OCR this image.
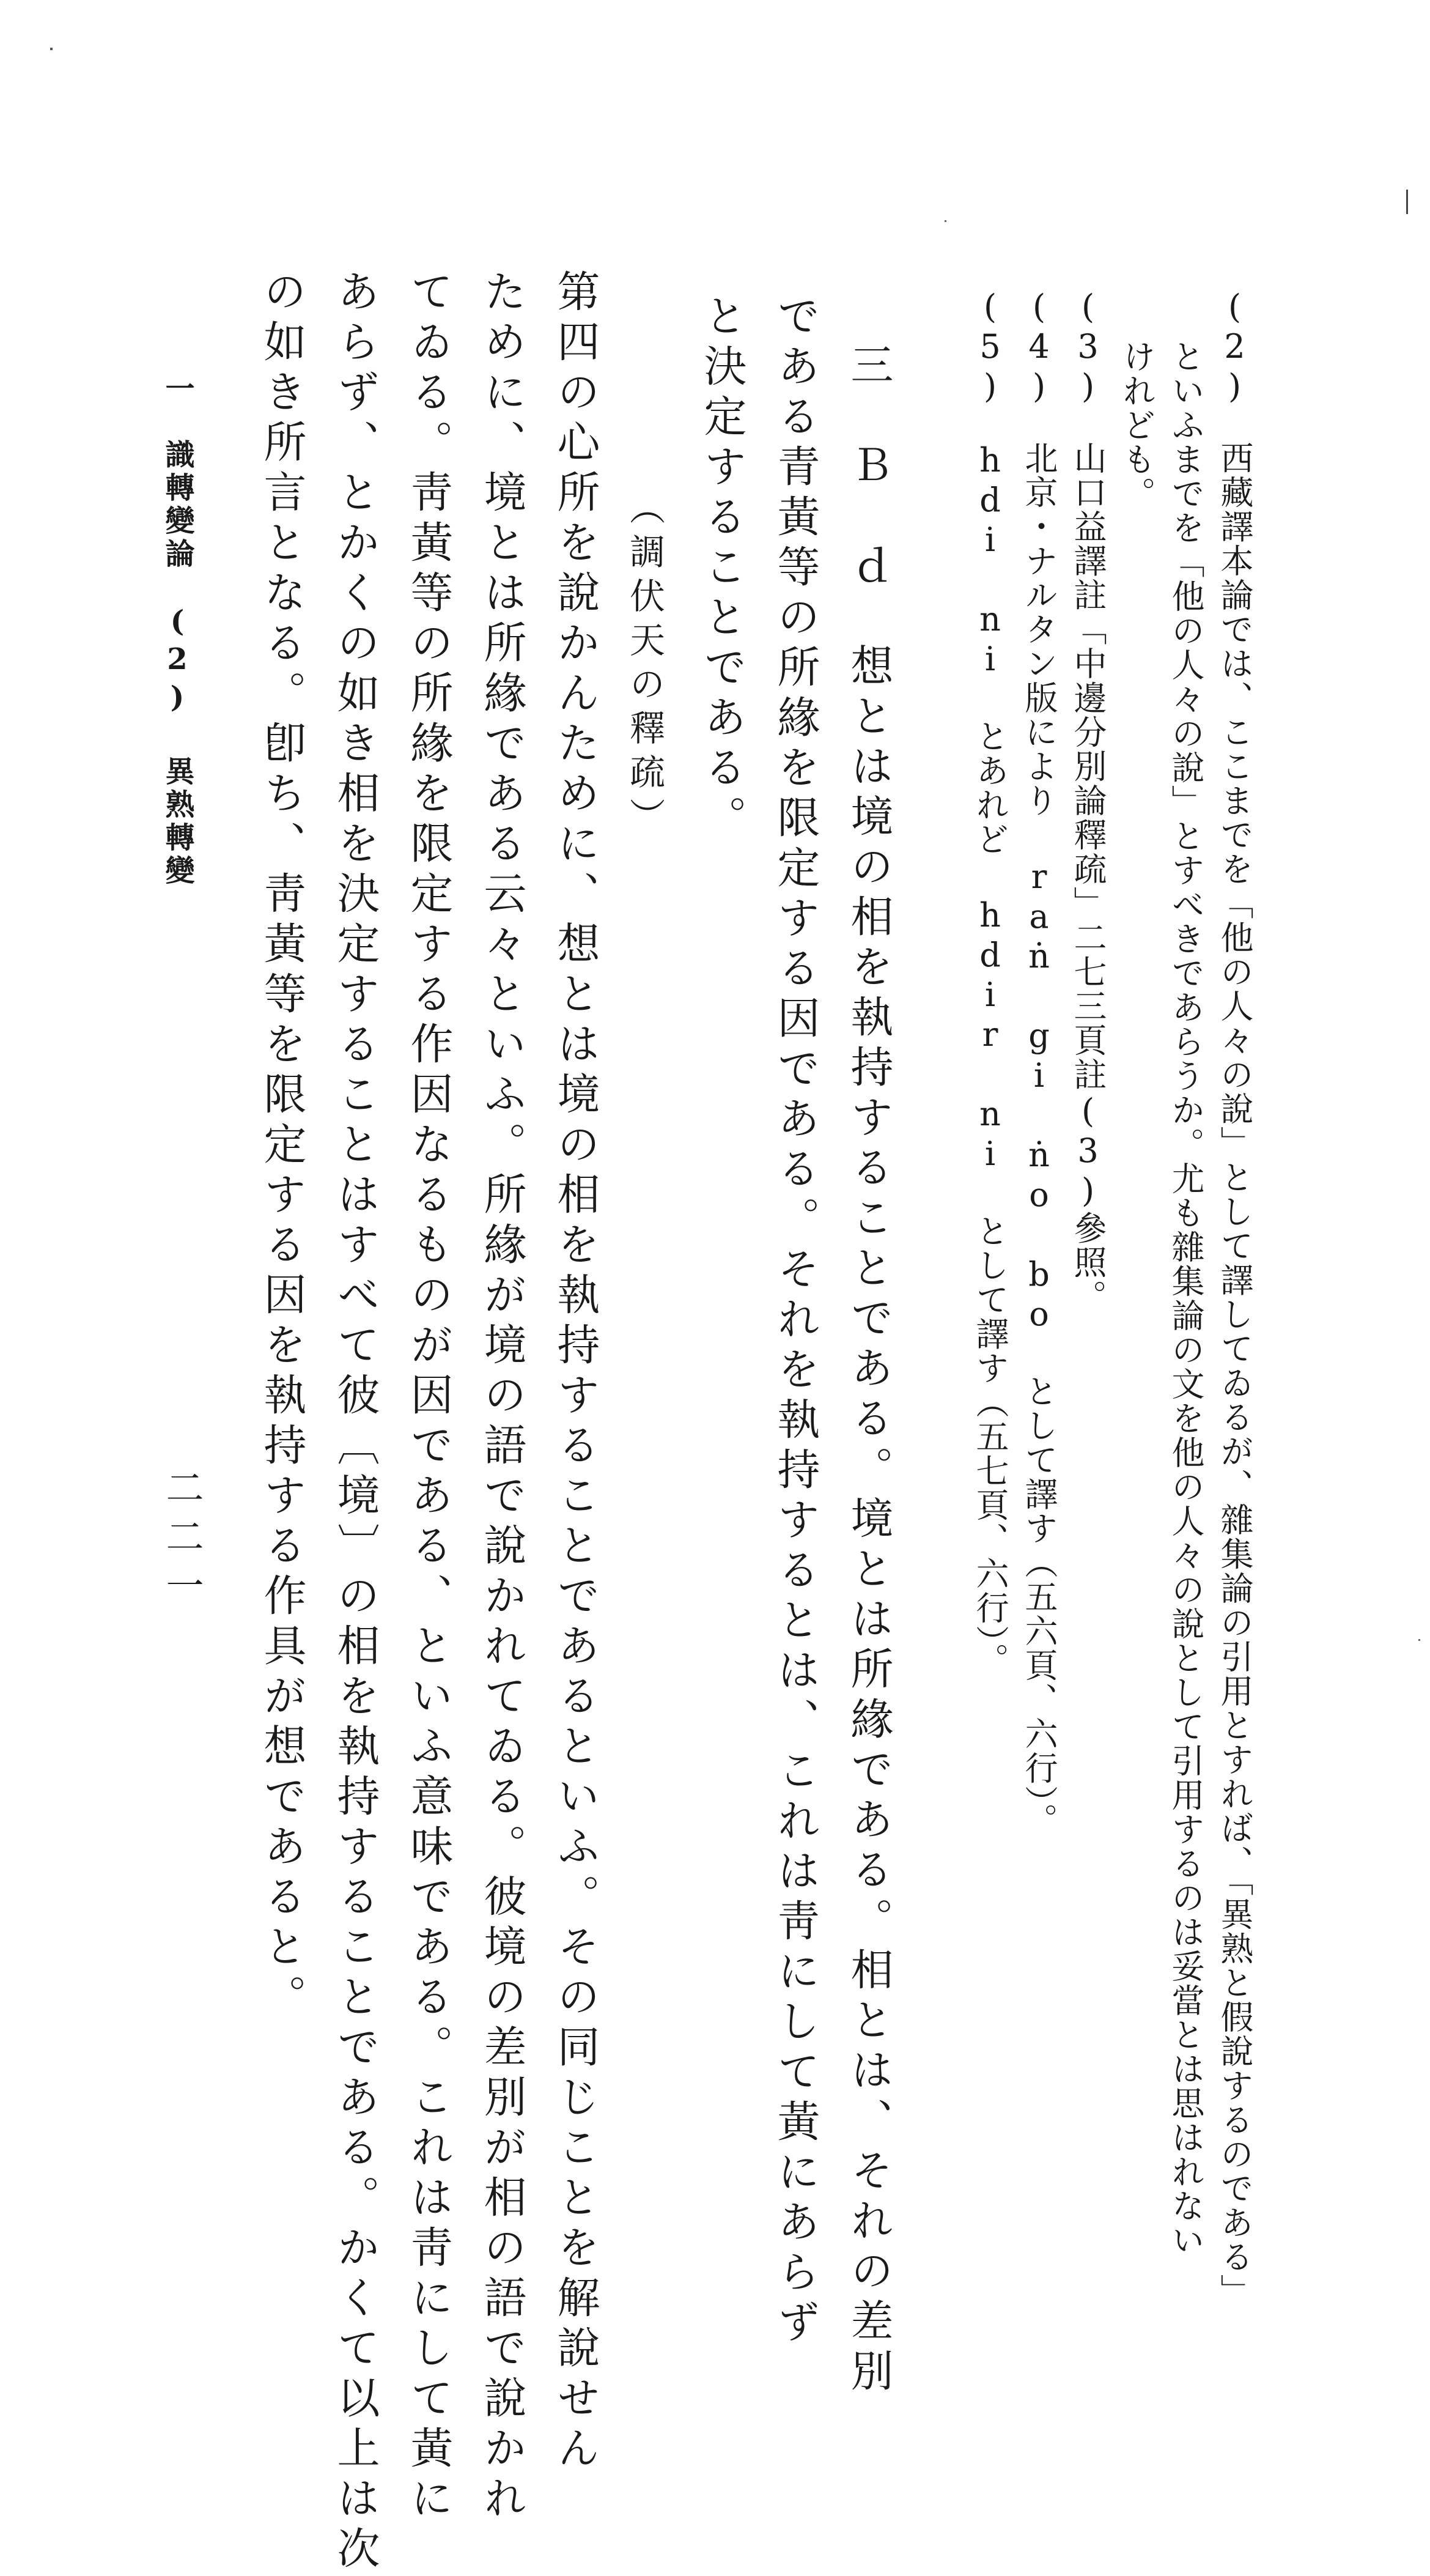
(2)　西藏譯本論では、ここまでを「他の人々の說」として譯してゐるが、雜集論の引用とすれば、「異熟と假說するのである」
といふまでを「他の人々の說」とすべきであらうか。尤も雜集論の文を他の人々の說として引用するのは妥當とは思はれない
けれども。
(3)　山口益譯註「中邊分別論釋疏」二七三頁註(3)參照。
(4)　北京・ナルタン版により raṅ gi ṅo bo として譯す（五六頁、六行）。
(5)　hdi ni とあれど hdir ni として譯す（五七頁、六行）。
三　Ｂ　ｄ　想とは境の相を執持することである。境とは所緣である。相とは、それの差別
である青黃等の所緣を限定する因である。それを執持するとは、これは靑にして黃にあらず
と決定することである。
（調伏天の釋疏）
第四の心所を說かんために、想とは境の相を執持することであるといふ。その同じことを解說せん
ために、境とは所緣である云々といふ。所緣が境の語で說かれてゐる。彼境の差別が相の語で說かれ
てゐる。靑黃等の所緣を限定する作因なるものが因である、といふ意味である。これは靑にして黃に
あらず、とかくの如き相を決定することはすべて彼〔境〕の相を執持することである。かくて以上は次
の如き所言となる。卽ち、靑黃等を限定する因を執持する作具が想であると。
一　識轉變論　(2) 異熟轉變
二二一
